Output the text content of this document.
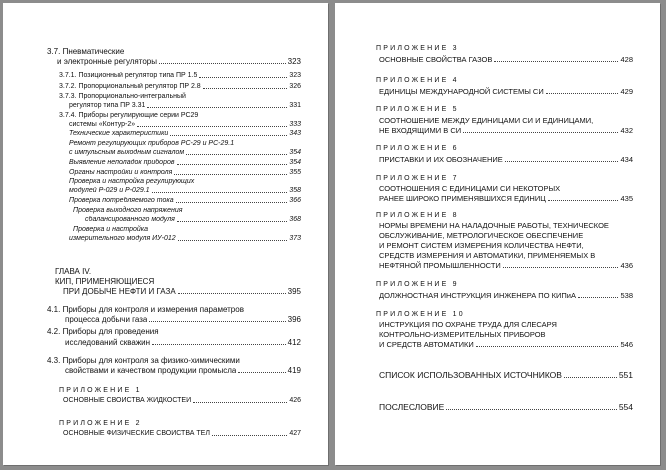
3.7. Пневматические
и электронные регуляторы	323
3.7.1. Позиционный регулятор типа ПР 1.5	323
3.7.2. Пропорциональный регулятор ПР 2.8	326
3.7.3. Пропорционально-интегральный
регулятор типа ПР 3.31	331
3.7.4. Приборы регулирующие серии РС29
системы «Контур-2»	333
Технические характеристики	343
Ремонт регулирующих приборов РС-29 и РС-29.1
с импульсным выходным сигналом	354
Выявление неполадок приборов	354
Органы настройки и контроля	355
Проверка и настройка регулирующих
модулей Р-029 и Р-029.1	358
Проверка потребляемого тока	366
Проверка выходного напряжения
сбалансированного модуля	368
Проверка и настройка
измерительного модуля ИУ-012	373
ГЛАВА IV.
КИП, ПРИМЕНЯЮЩИЕСЯ
ПРИ ДОБЫЧЕ НЕФТИ И ГАЗА	395
4.1. Приборы для контроля и измерения параметров
процесса добычи газа	396
4.2. Приборы для проведения
исследований скважин	412
4.3. Приборы для контроля за физико-химическими
свойствами и качеством продукции промысла	419
ПРИЛОЖЕНИЕ 1
ОСНОВНЫЕ СВОЙСТВА ЖИДКОСТЕЙ	426
ПРИЛОЖЕНИЕ 2
ОСНОВНЫЕ ФИЗИЧЕСКИЕ СВОЙСТВА ТЕЛ	427
ПРИЛОЖЕНИЕ 3
ОСНОВНЫЕ СВОЙСТВА ГАЗОВ	428
ПРИЛОЖЕНИЕ 4
ЕДИНИЦЫ МЕЖДУНАРОДНОЙ СИСТЕМЫ СИ	429
ПРИЛОЖЕНИЕ 5
СООТНОШЕНИЕ МЕЖДУ ЕДИНИЦАМИ СИ И ЕДИНИЦАМИ,
НЕ ВХОДЯЩИМИ В СИ	432
ПРИЛОЖЕНИЕ 6
ПРИСТАВКИ И ИХ ОБОЗНАЧЕНИЕ	434
ПРИЛОЖЕНИЕ 7
СООТНОШЕНИЯ С ЕДИНИЦАМИ СИ НЕКОТОРЫХ
РАНЕЕ ШИРОКО ПРИМЕНЯВШИХСЯ ЕДИНИЦ	435
ПРИЛОЖЕНИЕ 8
НОРМЫ ВРЕМЕНИ НА НАЛАДОЧНЫЕ РАБОТЫ, ТЕХНИЧЕСКОЕ
ОБСЛУЖИВАНИЕ, МЕТРОЛОГИЧЕСКОЕ ОБЕСПЕЧЕНИЕ
И РЕМОНТ СИСТЕМ ИЗМЕРЕНИЯ КОЛИЧЕСТВА НЕФТИ,
СРЕДСТВ ИЗМЕРЕНИЯ И АВТОМАТИКИ, ПРИМЕНЯЕМЫХ В
НЕФТЯНОЙ ПРОМЫШЛЕННОСТИ	436
ПРИЛОЖЕНИЕ 9
ДОЛЖНОСТНАЯ ИНСТРУКЦИЯ ИНЖЕНЕРА ПО КИПиА	538
ПРИЛОЖЕНИЕ 10
ИНСТРУКЦИЯ ПО ОХРАНЕ ТРУДА ДЛЯ СЛЕСАРЯ
КОНТРОЛЬНО-ИЗМЕРИТЕЛЬНЫХ ПРИБОРОВ
И СРЕДСТВ АВТОМАТИКИ	546
СПИСОК ИСПОЛЬЗОВАННЫХ ИСТОЧНИКОВ	551
ПОСЛЕСЛОВИЕ	554
